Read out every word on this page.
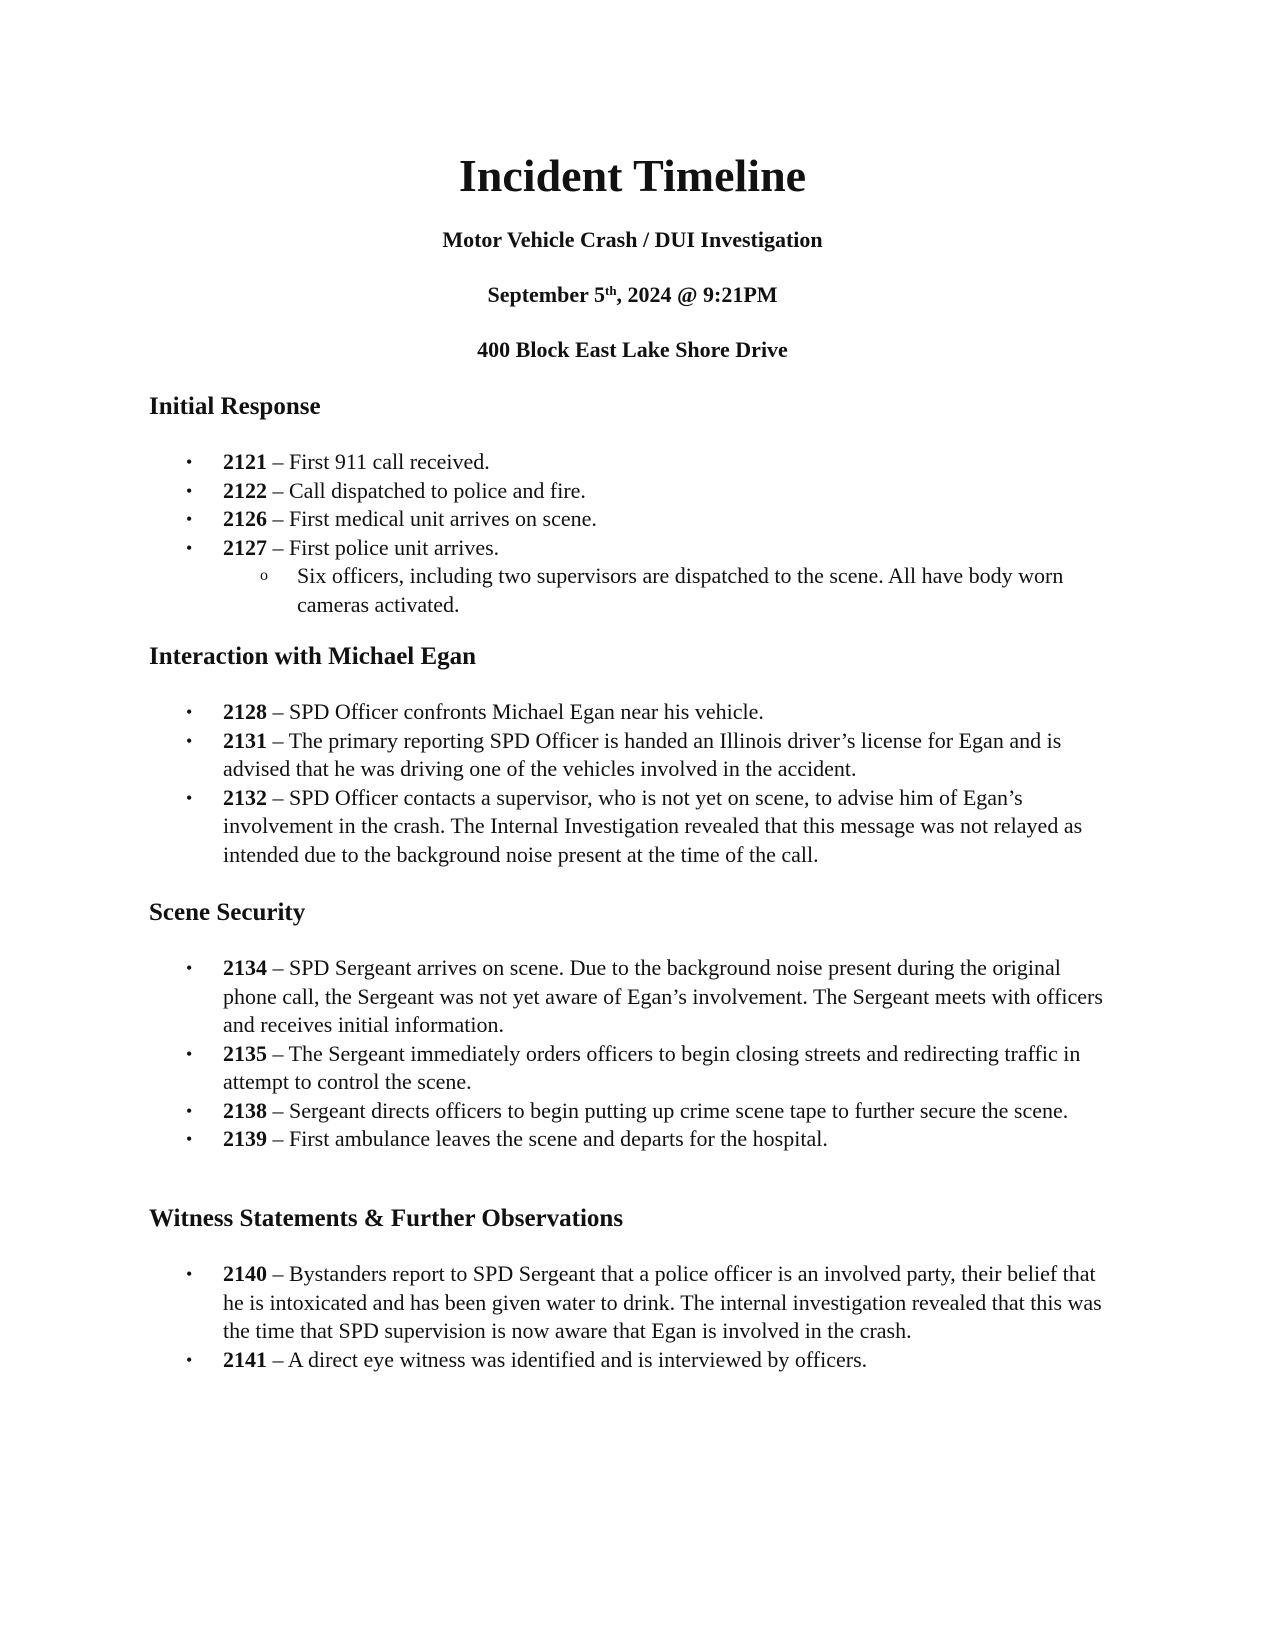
Incident Timeline

Motor Vehicle Crash / DUI Investigation

September 5th, 2024 @ 9:21PM

400 Block East Lake Shore Drive

Initial Response
• 2121 – First 911 call received.
• 2122 – Call dispatched to police and fire.
• 2126 – First medical unit arrives on scene.
• 2127 – First police unit arrives.
o Six officers, including two supervisors are dispatched to the scene. All have body worn cameras activated.
Interaction with Michael Egan
• 2128 – SPD Officer confronts Michael Egan near his vehicle.
• 2131 – The primary reporting SPD Officer is handed an Illinois driver’s license for Egan and is advised that he was driving one of the vehicles involved in the accident.
• 2132 – SPD Officer contacts a supervisor, who is not yet on scene, to advise him of Egan’s involvement in the crash. The Internal Investigation revealed that this message was not relayed as intended due to the background noise present at the time of the call.
Scene Security
• 2134 – SPD Sergeant arrives on scene. Due to the background noise present during the original phone call, the Sergeant was not yet aware of Egan’s involvement. The Sergeant meets with officers and receives initial information.
• 2135 – The Sergeant immediately orders officers to begin closing streets and redirecting traffic in attempt to control the scene.
• 2138 – Sergeant directs officers to begin putting up crime scene tape to further secure the scene.
• 2139 – First ambulance leaves the scene and departs for the hospital.
Witness Statements & Further Observations
• 2140 – Bystanders report to SPD Sergeant that a police officer is an involved party, their belief that he is intoxicated and has been given water to drink. The internal investigation revealed that this was the time that SPD supervision is now aware that Egan is involved in the crash.
• 2141 – A direct eye witness was identified and is interviewed by officers.
